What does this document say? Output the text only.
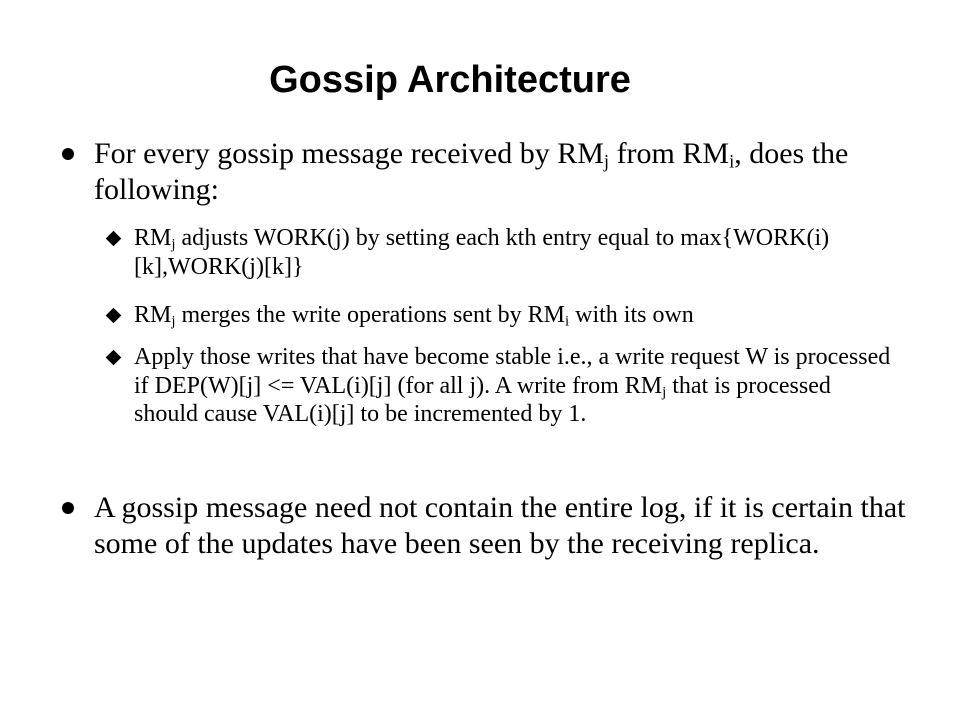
Gossip Architecture
For every gossip message received by $RM_j$ from $RM_i$, does the following:
$RM_j$ adjusts WORK(j) by setting each kth entry equal to max{WORK(i)[k],WORK(j)[k]}
$RM_j$ merges the write operations sent by $RM_i$ with its own
Apply those writes that have become stable i.e., a write request W is processed if DEP(W)[j] <= VAL(i)[j] (for all j). A write from $RM_j$ that is processed should cause VAL(i)[j] to be incremented by 1.
A gossip message need not contain the entire log, if it is certain that some of the updates have been seen by the receiving replica.
